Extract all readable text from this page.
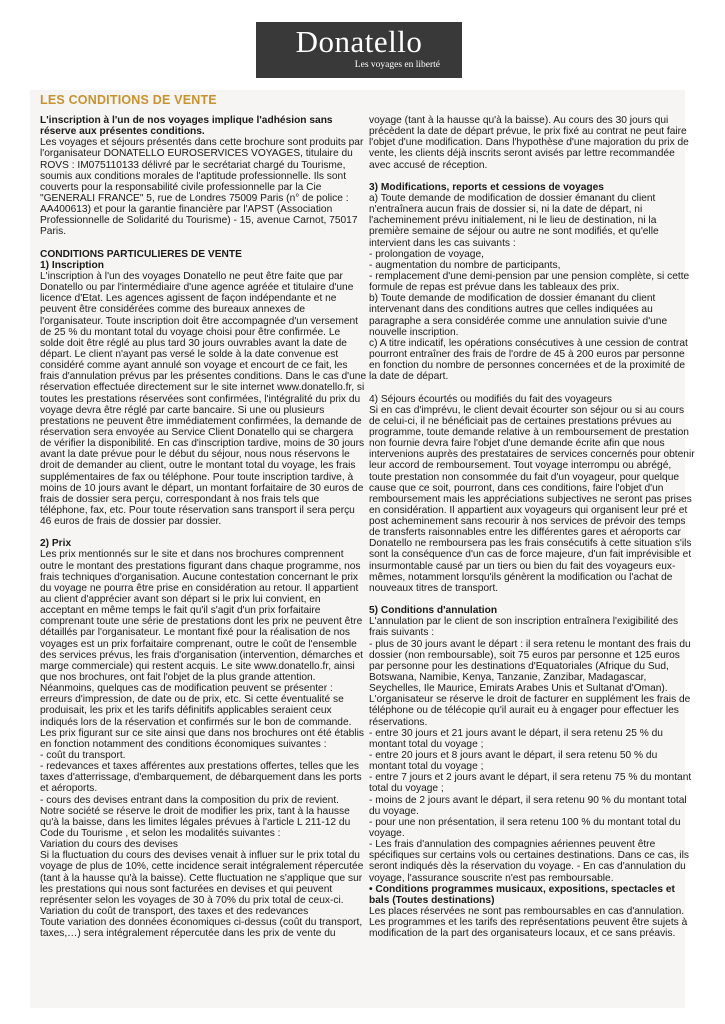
Donatello
Les voyages en liberté
LES CONDITIONS DE VENTE
L'inscription à l'un de nos voyages implique l'adhésion sans
réserve aux présentes conditions.
Les voyages et séjours présentés dans cette brochure sont produits par
l'organisateur DONATELLO EUROSERVICES VOYAGES, titulaire du
ROVS : IM075110133 délivré par le secrétariat chargé du Tourisme,
soumis aux conditions morales de l'aptitude professionnelle. Ils sont
couverts pour la responsabilité civile professionnelle par la Cie
"GENERALI FRANCE" 5, rue de Londres 75009 Paris (n° de police :
AA400613) et pour la garantie financière par l'APST (Association
Professionnelle de Solidarité du Tourisme) - 15, avenue Carnot, 75017
Paris.
CONDITIONS PARTICULIERES DE VENTE
1) Inscription
L'inscription à l'un des voyages Donatello ne peut être faite que par
Donatello ou par l'intermédiaire d'une agence agréée et titulaire d'une
licence d'Etat. Les agences agissent de façon indépendante et ne
peuvent être considérées comme des bureaux annexes de
l'organisateur. Toute inscription doit être accompagnée d'un versement
de 25 % du montant total du voyage choisi pour être confirmée. Le
solde doit être réglé au plus tard 30 jours ouvrables avant la date de
départ. Le client n'ayant pas versé le solde à la date convenue est
considéré comme ayant annulé son voyage et encourt de ce fait, les
frais d'annulation prévus par les présentes conditions. Dans le cas d'une
réservation effectuée directement sur le site internet www.donatello.fr, si
toutes les prestations réservées sont confirmées, l'intégralité du prix du
voyage devra être réglé par carte bancaire. Si une ou plusieurs
prestations ne peuvent être immédiatement confirmées, la demande de
réservation sera envoyée au Service Client Donatello qui se chargera
de vérifier la disponibilité. En cas d'inscription tardive, moins de 30 jours
avant la date prévue pour le début du séjour, nous nous réservons le
droit de demander au client, outre le montant total du voyage, les frais
supplémentaires de fax ou téléphone. Pour toute inscription tardive, à
moins de 10 jours avant le départ, un montant forfaitaire de 30 euros de
frais de dossier sera perçu, correspondant à nos frais tels que
téléphone, fax, etc. Pour toute réservation sans transport il sera perçu
46 euros de frais de dossier par dossier.
2) Prix
Les prix mentionnés sur le site et dans nos brochures comprennent
outre le montant des prestations figurant dans chaque programme, nos
frais techniques d'organisation. Aucune contestation concernant le prix
du voyage ne pourra être prise en considération au retour. Il appartient
au client d'apprécier avant son départ si le prix lui convient, en
acceptant en même temps le fait qu'il s'agit d'un prix forfaitaire
comprenant toute une série de prestations dont les prix ne peuvent être
détaillés par l'organisateur. Le montant fixé pour la réalisation de nos
voyages est un prix forfaitaire comprenant, outre le coût de l'ensemble
des services prévus, les frais d'organisation (intervention, démarches et
marge commerciale) qui restent acquis. Le site www.donatello.fr, ainsi
que nos brochures, ont fait l'objet de la plus grande attention.
Néanmoins, quelques cas de modification peuvent se présenter :
erreurs d'impression, de date ou de prix, etc. Si cette éventualité se
produisait, les prix et les tarifs définitifs applicables seraient ceux
indiqués lors de la réservation et confirmés sur le bon de commande.
Les prix figurant sur ce site ainsi que dans nos brochures ont été établis
en fonction notamment des conditions économiques suivantes :
- coût du transport.
- redevances et taxes afférentes aux prestations offertes, telles que les
taxes d'atterrissage, d'embarquement, de débarquement dans les ports
et aéroports.
- cours des devises entrant dans la composition du prix de revient.
Notre société se réserve le droit de modifier les prix, tant à la hausse
qu'à la baisse, dans les limites légales prévues à l'article L 211-12 du
Code du Tourisme , et selon les modalités suivantes :
Variation du cours des devises
Si la fluctuation du cours des devises venait à influer sur le prix total du
voyage de plus de 10%, cette incidence serait intégralement répercutée
(tant à la hausse qu'à la baisse). Cette fluctuation ne s'applique que sur
les prestations qui nous sont facturées en devises et qui peuvent
représenter selon les voyages de 30 à 70% du prix total de ceux-ci.
Variation du coût de transport, des taxes et des redevances
Toute variation des données économiques ci-dessus (coût du transport,
taxes,…) sera intégralement répercutée dans les prix de vente du
voyage (tant à la hausse qu'à la baisse). Au cours des 30 jours qui
précèdent la date de départ prévue, le prix fixé au contrat ne peut faire
l'objet d'une modification. Dans l'hypothèse d'une majoration du prix de
vente, les clients déjà inscrits seront avisés par lettre recommandée
avec accusé de réception.
3) Modifications, reports et cessions de voyages
a) Toute demande de modification de dossier émanant du client
n'entraînera aucun frais de dossier si, ni la date de départ, ni
l'acheminement prévu initialement, ni le lieu de destination, ni la
première semaine de séjour ou autre ne sont modifiés, et qu'elle
intervient dans les cas suivants :
- prolongation de voyage,
- augmentation du nombre de participants,
- remplacement d'une demi-pension par une pension complète, si cette
formule de repas est prévue dans les tableaux des prix.
b) Toute demande de modification de dossier émanant du client
intervenant dans des conditions autres que celles indiquées au
paragraphe a sera considérée comme une annulation suivie d'une
nouvelle inscription.
c) A titre indicatif, les opérations consécutives à une cession de contrat
pourront entraîner des frais de l'ordre de 45 à 200 euros par personne
en fonction du nombre de personnes concernées et de la proximité de
la date de départ.
4) Séjours écourtés ou modifiés du fait des voyageurs
Si en cas d'imprévu, le client devait écourter son séjour ou si au cours
de celui-ci, il ne bénéficiait pas de certaines prestations prévues au
programme, toute demande relative à un remboursement de prestation
non fournie devra faire l'objet d'une demande écrite afin que nous
intervenions auprès des prestataires de services concernés pour obtenir
leur accord de remboursement. Tout voyage interrompu ou abrégé,
toute prestation non consommée du fait d'un voyageur, pour quelque
cause que ce soit, pourront, dans ces conditions, faire l'objet d'un
remboursement mais les appréciations subjectives ne seront pas prises
en considération. Il appartient aux voyageurs qui organisent leur pré et
post acheminement sans recourir à nos services de prévoir des temps
de transferts raisonnables entre les différentes gares et aéroports car
Donatello ne remboursera pas les frais consécutifs à cette situation s'ils
sont la conséquence d'un cas de force majeure, d'un fait imprévisible et
insurmontable causé par un tiers ou bien du fait des voyageurs eux-
mêmes, notamment lorsqu'ils génèrent la modification ou l'achat de
nouveaux titres de transport.
5) Conditions d'annulation
L'annulation par le client de son inscription entraînera l'exigibilité des
frais suivants :
- plus de 30 jours avant le départ : il sera retenu le montant des frais du
dossier (non remboursable), soit 75 euros par personne et 125 euros
par personne pour les destinations d'Equatoriales (Afrique du Sud,
Botswana, Namibie, Kenya, Tanzanie, Zanzibar, Madagascar,
Seychelles, Ile Maurice, Emirats Arabes Unis et Sultanat d'Oman).
L'organisateur se réserve le droit de facturer en supplément les frais de
téléphone ou de télécopie qu'il aurait eu à engager pour effectuer les
réservations.
- entre 30 jours et 21 jours avant le départ, il sera retenu 25 % du
montant total du voyage ;
- entre 20 jours et 8 jours avant le départ, il sera retenu 50 % du
montant total du voyage ;
- entre 7 jours et 2 jours avant le départ, il sera retenu 75 % du montant
total du voyage ;
- moins de 2 jours avant le départ, il sera retenu 90 % du montant total
du voyage.
- pour une non présentation, il sera retenu 100 % du montant total du
voyage.
- Les frais d'annulation des compagnies aériennes peuvent être
spécifiques sur certains vols ou certaines destinations. Dans ce cas, ils
seront indiqués dès la réservation du voyage. - En cas d'annulation du
voyage, l'assurance souscrite n'est pas remboursable.
• Conditions programmes musicaux, expositions, spectacles et
bals (Toutes destinations)
Les places réservées ne sont pas remboursables en cas d'annulation.
Les programmes et les tarifs des représentations peuvent être sujets à
modification de la part des organisateurs locaux, et ce sans préavis.
